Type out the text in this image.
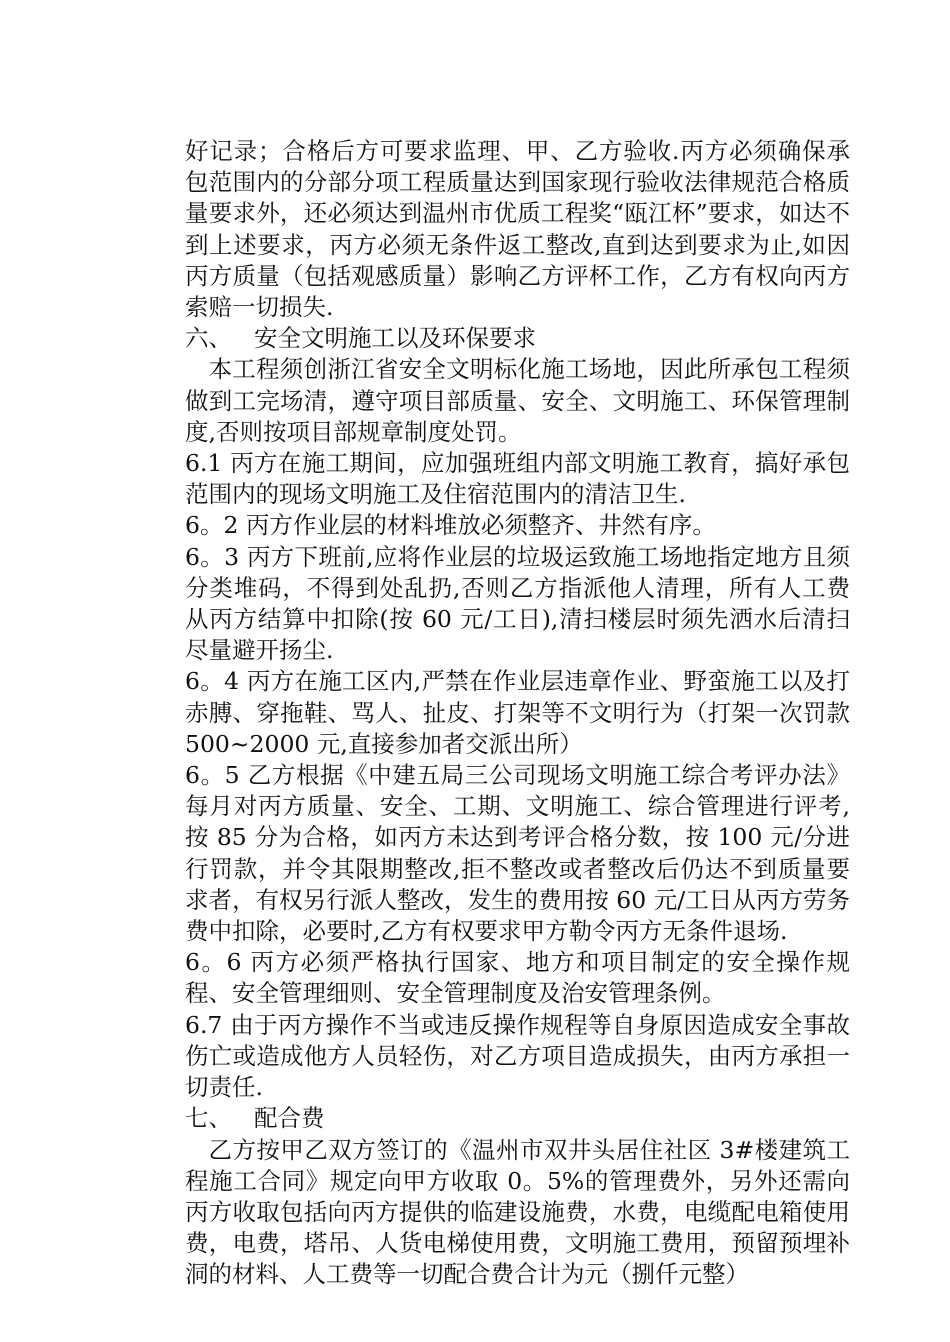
好记录；合格后方可要求监理、甲、乙方验收.丙方必须确保承包范围内的分部分项工程质量达到国家现行验收法律规范合格质量要求外，还必须达到温州市优质工程奖“瓯江杯”要求，如达不到上述要求，丙方必须无条件返工整改,直到达到要求为止,如因丙方质量（包括观感质量）影响乙方评杯工作，乙方有权向丙方索赔一切损失.

六、 安全文明施工以及环保要求

本工程须创浙江省安全文明标化施工场地，因此所承包工程须做到工完场清，遵守项目部质量、安全、文明施工、环保管理制度,否则按项目部规章制度处罚。

6.1 丙方在施工期间，应加强班组内部文明施工教育，搞好承包范围内的现场文明施工及住宿范围内的清洁卫生.

6。2 丙方作业层的材料堆放必须整齐、井然有序。

6。3 丙方下班前,应将作业层的垃圾运致施工场地指定地方且须分类堆码，不得到处乱扔,否则乙方指派他人清理，所有人工费从丙方结算中扣除(按 60 元/工日),清扫楼层时须先洒水后清扫尽量避开扬尘.

6。4 丙方在施工区内,严禁在作业层违章作业、野蛮施工以及打赤膊、穿拖鞋、骂人、扯皮、打架等不文明行为（打架一次罚款 500~2000 元,直接参加者交派出所）

6。5 乙方根据《中建五局三公司现场文明施工综合考评办法》每月对丙方质量、安全、工期、文明施工、综合管理进行评考,按 85 分为合格，如丙方未达到考评合格分数，按 100 元/分进行罚款，并令其限期整改,拒不整改或者整改后仍达不到质量要求者，有权另行派人整改，发生的费用按 60 元/工日从丙方劳务费中扣除，必要时,乙方有权要求甲方勒令丙方无条件退场.

6。6 丙方必须严格执行国家、地方和项目制定的安全操作规程、安全管理细则、安全管理制度及治安管理条例。

6.7 由于丙方操作不当或违反操作规程等自身原因造成安全事故伤亡或造成他方人员轻伤，对乙方项目造成损失，由丙方承担一切责任.

七、 配合费

乙方按甲乙双方签订的《温州市双井头居住社区 3#楼建筑工程施工合同》规定向甲方收取 0。5%的管理费外，另外还需向丙方收取包括向丙方提供的临建设施费，水费，电缆配电箱使用费，电费，塔吊、人货电梯使用费，文明施工费用，预留预埋补洞的材料、人工费等一切配合费合计为元（捌仟元整）
